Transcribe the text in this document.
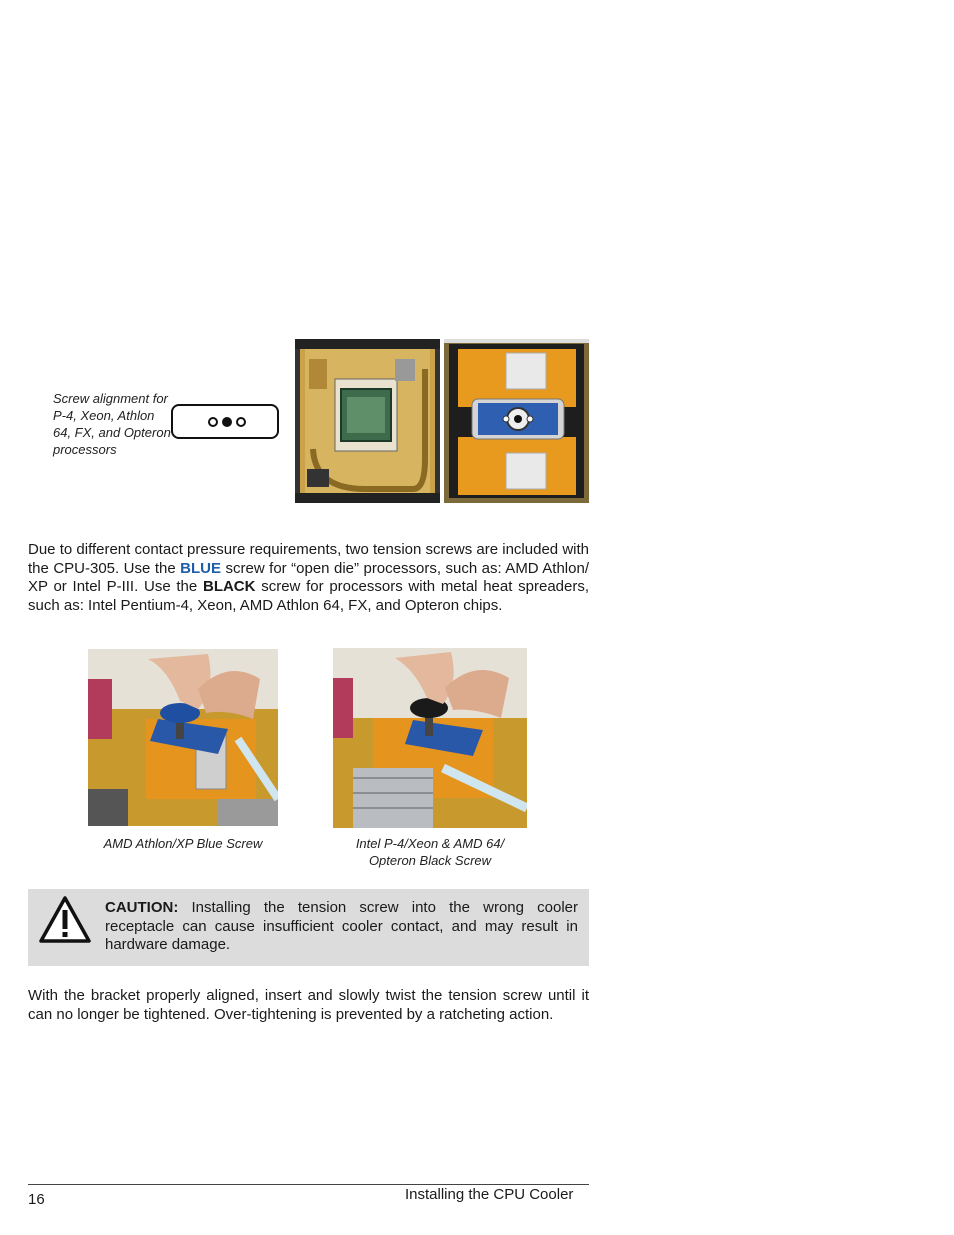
Screw alignment for P-4, Xeon, Athlon 64, FX, and Opteron processors
Due to different contact pressure requirements, two tension screws are included with the CPU-305. Use the BLUE screw for “open die” processors, such as: AMD Athlon/ XP or Intel P-III. Use the BLACK screw for processors with metal heat spreaders, such as: Intel Pentium-4, Xeon, AMD Athlon 64, FX, and Opteron chips.
AMD Athlon/XP Blue Screw	Intel P-4/Xeon & AMD 64/
Opteron Black Screw
CAUTION: Installing the tension screw into the wrong cooler receptacle can cause insufficient cooler contact, and may result in hardware damage.
With the bracket properly aligned, insert and slowly twist the tension screw until it can no longer be tightened. Over-tightening is prevented by a ratcheting action.
16	Installing the CPU Cooler
